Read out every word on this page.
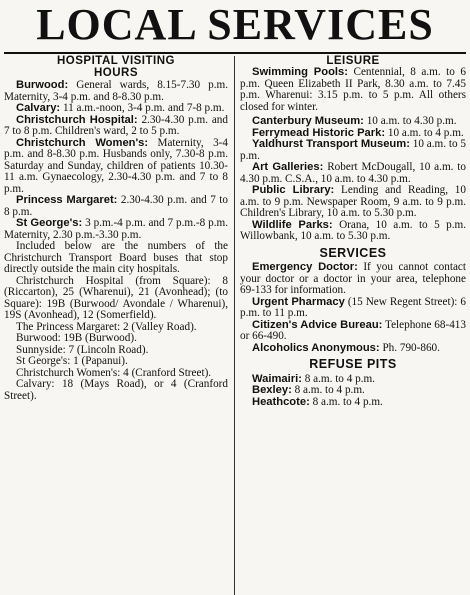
LOCAL SERVICES
HOSPITAL VISITING
HOURS

Burwood: General wards, 8.15-7.30 p.m. Maternity, 3-4 p.m. and 8-8.30 p.m.

Calvary: 11 a.m.-noon, 3-4 p.m. and 7-8 p.m.

Christchurch Hospital: 2.30-4.30 p.m. and 7 to 8 p.m. Children's ward, 2 to 5 p.m.

Christchurch Women's: Maternity, 3-4 p.m. and 8-8.30 p.m. Husbands only, 7.30-8 p.m. Saturday and Sunday, children of patients 10.30-11 a.m. Gynaecology, 2.30-4.30 p.m. and 7 to 8 p.m.

Princess Margaret: 2.30-4.30 p.m. and 7 to 8 p.m.

St George's: 3 p.m.-4 p.m. and 7 p.m.-8 p.m. Maternity, 2.30 p.m.-3.30 p.m.

Included below are the numbers of the Christchurch Transport Board buses that stop directly outside the main city hospitals.

Christchurch Hospital (from Square): 8 (Riccarton), 25 (Wharenui), 21 (Avonhead); (to Square): 19B (Burwood/ Avondale / Wharenui), 19S (Avonhead), 12 (Somerfield).

The Princess Margaret: 2 (Valley Road).

Burwood: 19B (Burwood).

Sunnyside: 7 (Lincoln Road).

St George's: 1 (Papanui).

Christchurch Women's: 4 (Cranford Street).

Calvary: 18 (Mays Road), or 4 (Cranford Street).

LEISURE

Swimming Pools: Centennial, 8 a.m. to 6 p.m. Queen Elizabeth II Park, 8.30 a.m. to 7.45 p.m. Wharenui: 3.15 p.m. to 5 p.m. All others closed for winter.

Canterbury Museum: 10 a.m. to 4.30 p.m.

Ferrymead Historic Park: 10 a.m. to 4 p.m.

Yaldhurst Transport Museum: 10 a.m. to 5 p.m.

Art Galleries: Robert McDougall, 10 a.m. to 4.30 p.m. C.S.A., 10 a.m. to 4.30 p.m.

Public Library: Lending and Reading, 10 a.m. to 9 p.m. Newspaper Room, 9 a.m. to 9 p.m. Children's Library, 10 a.m. to 5.30 p.m.

Wildlife Parks: Orana, 10 a.m. to 5 p.m. Willowbank, 10 a.m. to 5.30 p.m.

SERVICES

Emergency Doctor: If you cannot contact your doctor or a doctor in your area, telephone 69-133 for information.

Urgent Pharmacy (15 New Regent Street): 6 p.m. to 11 p.m.

Citizen's Advice Bureau: Telephone 68-413 or 66-490.

Alcoholics Anonymous: Ph. 790-860.

REFUSE PITS

Waimairi: 8 a.m. to 4 p.m.

Bexley: 8 a.m. to 4 p.m.

Heathcote: 8 a.m. to 4 p.m.
